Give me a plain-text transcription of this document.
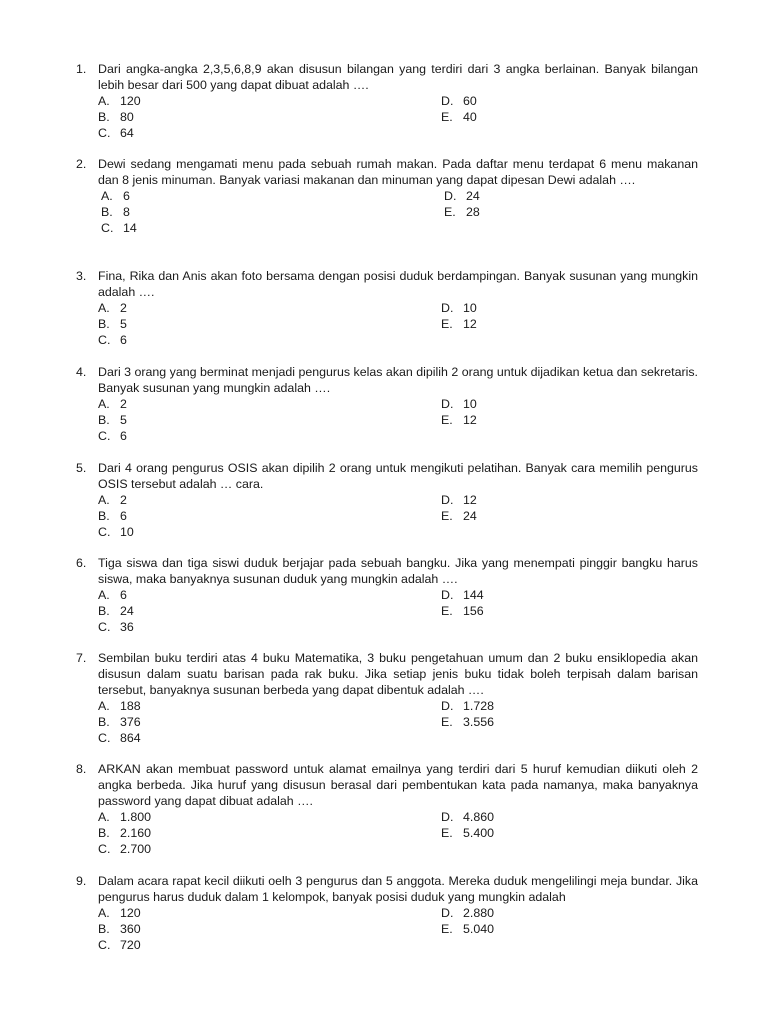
1. Dari angka-angka 2,3,5,6,8,9 akan disusun bilangan yang terdiri dari 3 angka berlainan. Banyak bilangan lebih besar dari 500 yang dapat dibuat adalah ….
A. 120	D. 60
B. 80	E. 40
C. 64
2. Dewi sedang mengamati menu pada sebuah rumah makan. Pada daftar menu terdapat 6 menu makanan dan 8 jenis minuman. Banyak variasi makanan dan minuman yang dapat dipesan Dewi adalah ….
A. 6	D. 24
B. 8	E. 28
C. 14
3. Fina, Rika dan Anis akan foto bersama dengan posisi duduk berdampingan. Banyak susunan yang mungkin adalah ….
A. 2	D. 10
B. 5	E. 12
C. 6
4. Dari 3 orang yang berminat menjadi pengurus kelas akan dipilih 2 orang untuk dijadikan ketua dan sekretaris. Banyak susunan yang mungkin adalah ….
A. 2	D. 10
B. 5	E. 12
C. 6
5. Dari 4 orang pengurus OSIS akan dipilih 2 orang untuk mengikuti pelatihan. Banyak cara memilih pengurus OSIS tersebut adalah … cara.
A. 2	D. 12
B. 6	E. 24
C. 10
6. Tiga siswa dan tiga siswi duduk berjajar pada sebuah bangku. Jika yang menempati pinggir bangku harus siswa, maka banyaknya susunan duduk yang mungkin adalah ….
A. 6	D. 144
B. 24	E. 156
C. 36
7. Sembilan buku terdiri atas 4 buku Matematika, 3 buku pengetahuan umum dan 2 buku ensiklopedia akan disusun dalam suatu barisan pada rak buku. Jika setiap jenis buku tidak boleh terpisah dalam barisan tersebut, banyaknya susunan berbeda yang dapat dibentuk adalah ….
A. 188	D. 1.728
B. 376	E. 3.556
C. 864
8. ARKAN akan membuat password untuk alamat emailnya yang terdiri dari 5 huruf kemudian diikuti oleh 2 angka berbeda. Jika huruf yang disusun berasal dari pembentukan kata pada namanya, maka banyaknya password yang dapat dibuat adalah ….
A. 1.800	D. 4.860
B. 2.160	E. 5.400
C. 2.700
9. Dalam acara rapat kecil diikuti oelh 3 pengurus dan 5 anggota. Mereka duduk mengelilingi meja bundar. Jika pengurus harus duduk dalam 1 kelompok, banyak posisi duduk yang mungkin adalah
A. 120	D. 2.880
B. 360	E. 5.040
C. 720
